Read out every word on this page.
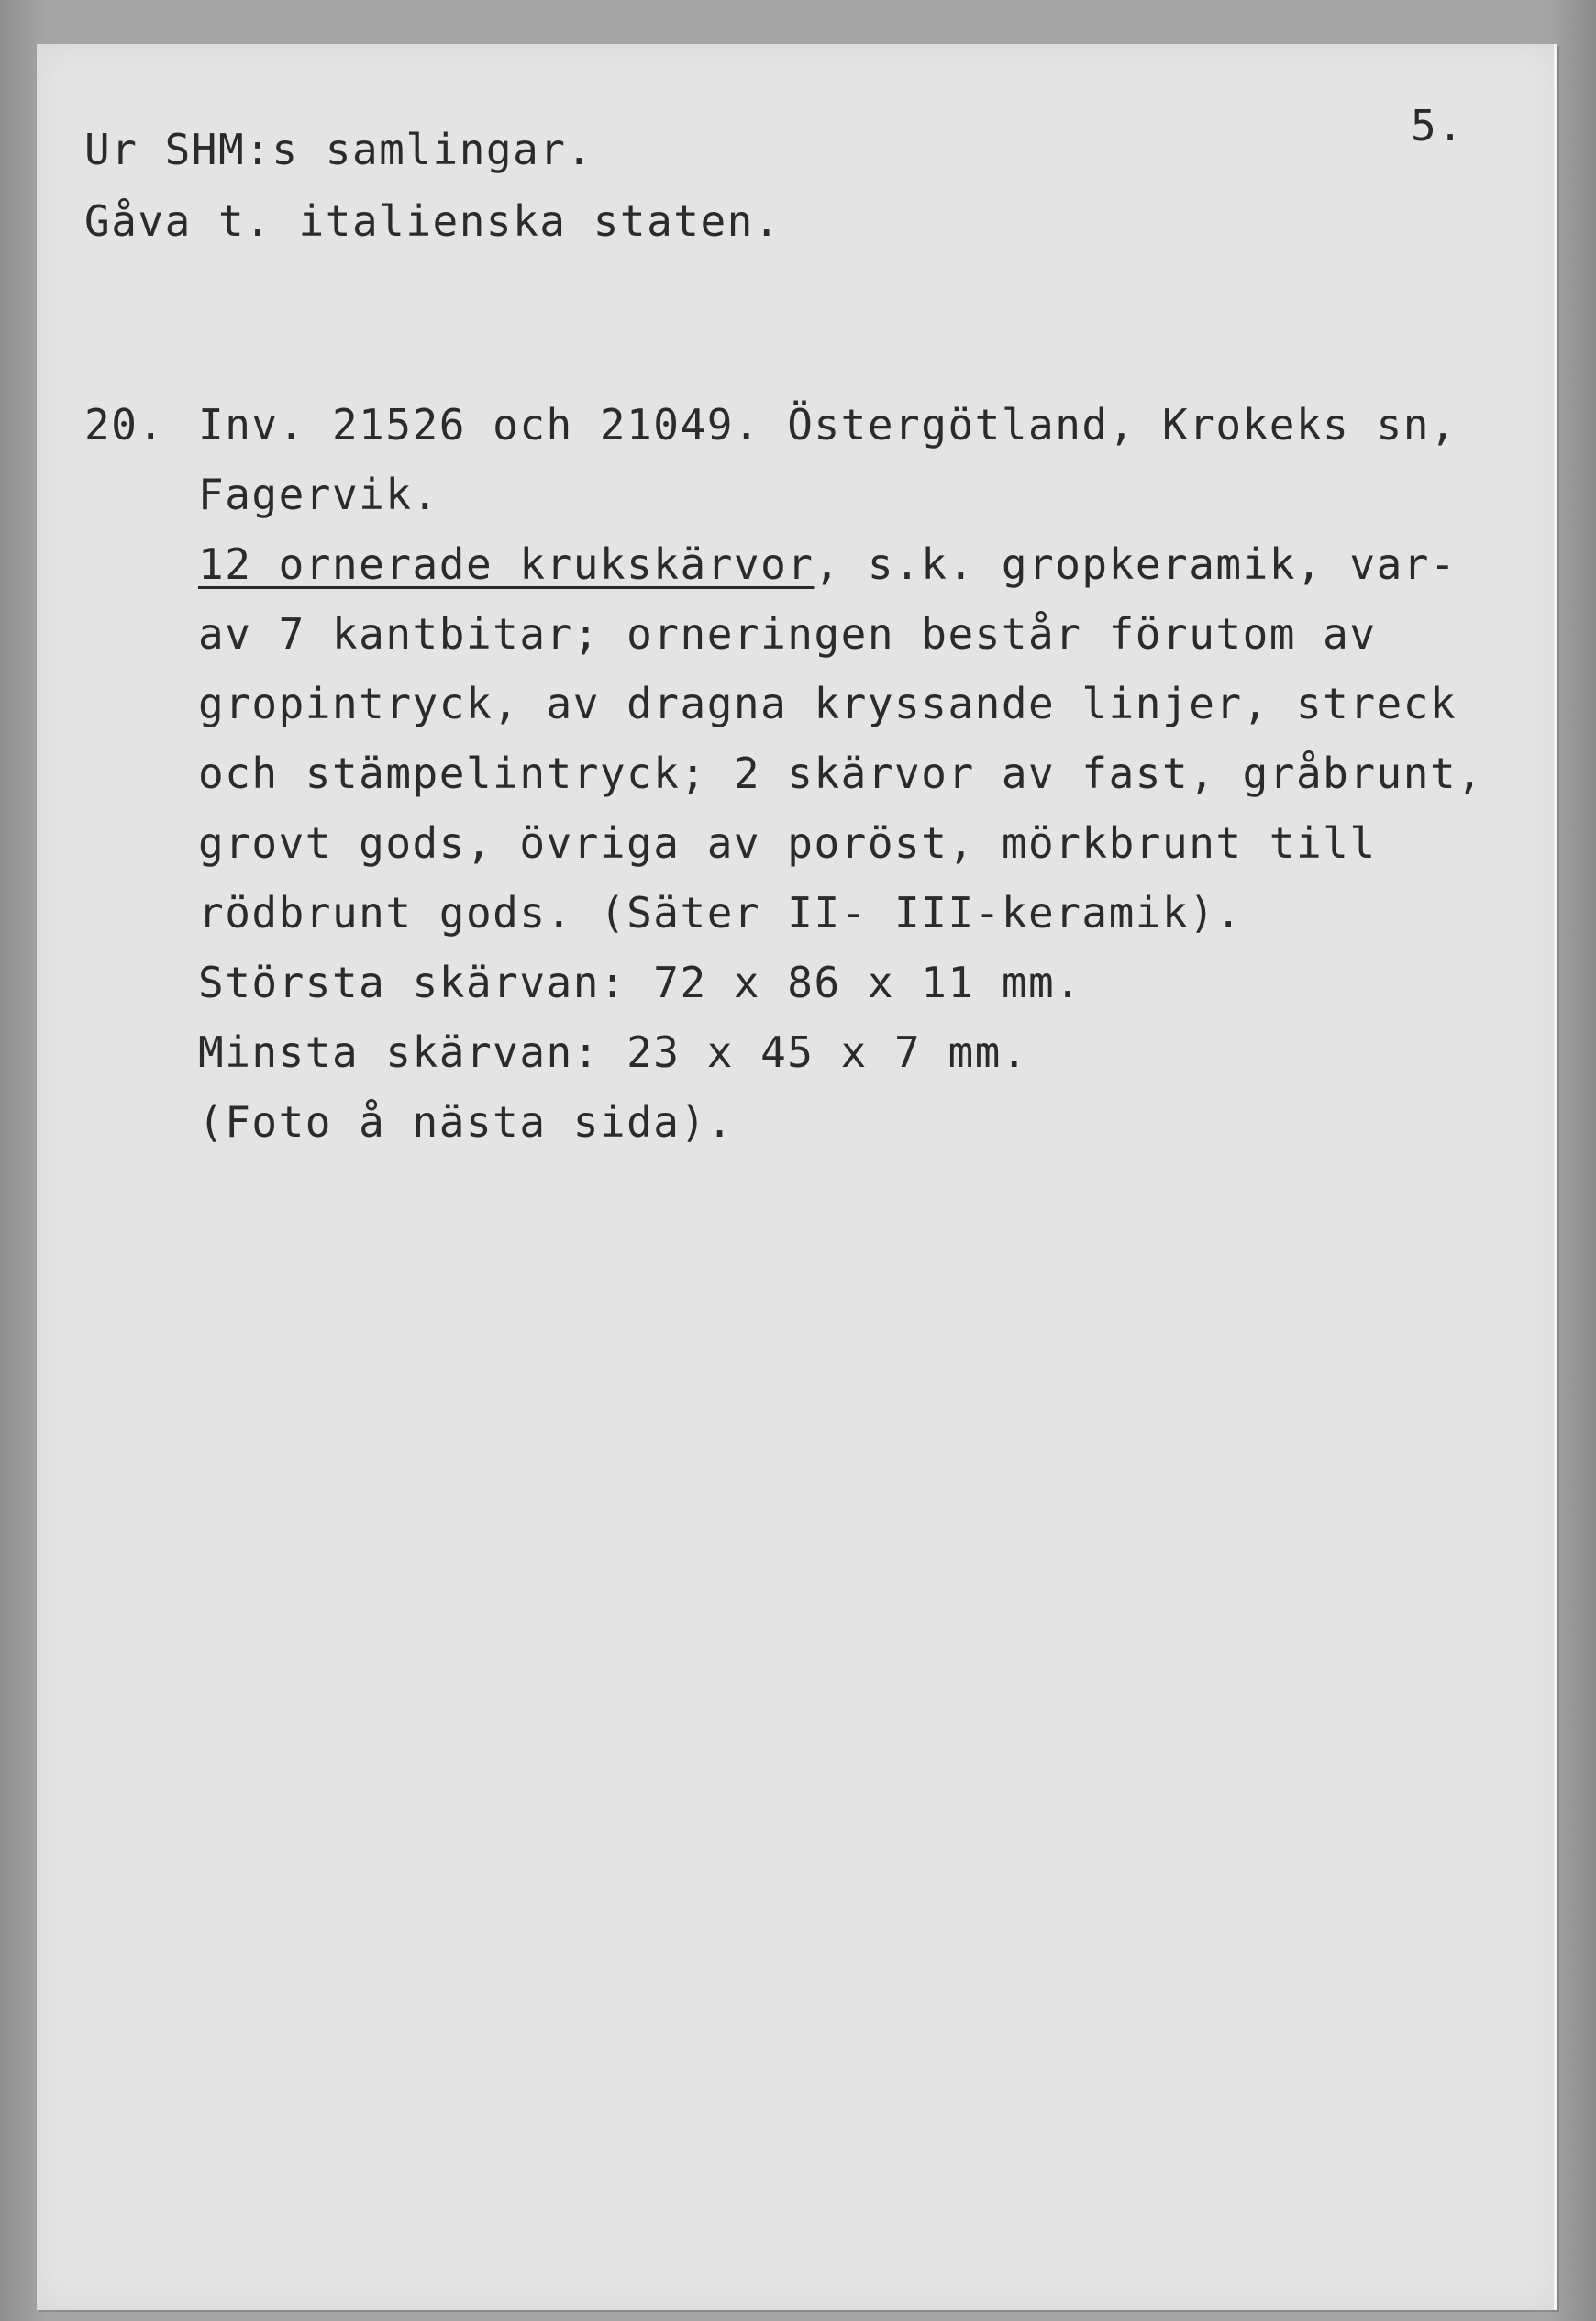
Ur SHM:s samlingar.

Gåva t. italienska staten.

5.

20. Inv. 21526 och 21049. Östergötland, Krokeks sn,

Fagervik.

12 ornerade krukskärvor, s.k. gropkeramik, var-

av 7 kantbitar; orneringen består förutom av

gropintryck, av dragna kryssande linjer, streck

och stämpelintryck; 2 skärvor av fast, gråbrunt,

grovt gods, övriga av poröst, mörkbrunt till

rödbrunt gods. (Säter II- III-keramik).

Största skärvan: 72 x 86 x 11 mm.

Minsta skärvan: 23 x 45 x 7 mm.

(Foto å nästa sida).
